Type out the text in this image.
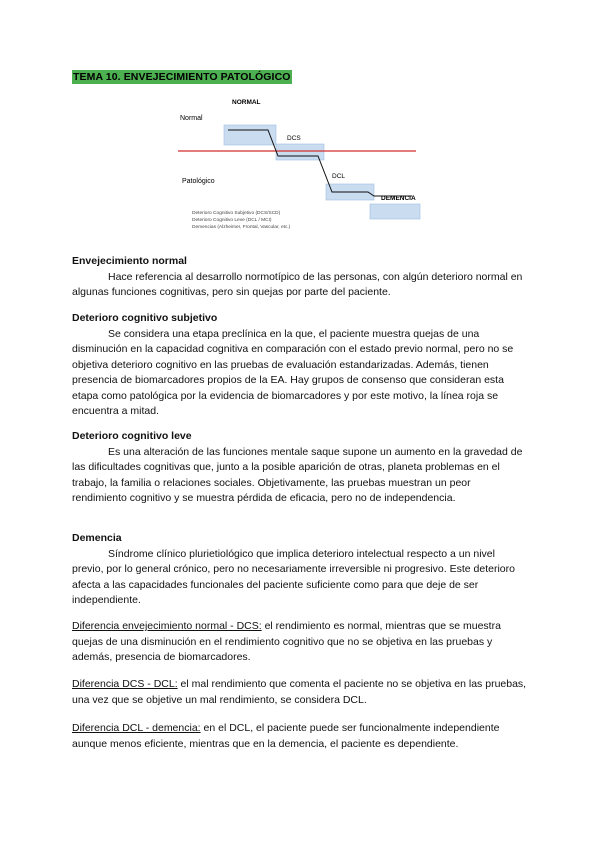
TEMA 10. ENVEJECIMIENTO PATOLÓGICO
NORMAL
Normal
DCS
Patológico
DCL
DEMENCIA
Deterioro Cognitivo Subjetivo (DCS/SCD)
Deterioro Cognitivo Leve (DCL / MCI)
Demencias (Alzheimer, Frontal, Vascular, etc.)
Envejecimiento normal

Hace referencia al desarrollo normotípico de las personas, con algún deterioro normal en algunas funciones cognitivas, pero sin quejas por parte del paciente.

Deterioro cognitivo subjetivo

Se considera una etapa preclínica en la que, el paciente muestra quejas de una disminución en la capacidad cognitiva en comparación con el estado previo normal, pero no se objetiva deterioro cognitivo en las pruebas de evaluación estandarizadas. Además, tienen presencia de biomarcadores propios de la EA. Hay grupos de consenso que consideran esta etapa como patológica por la evidencia de biomarcadores y por este motivo, la línea roja se encuentra a mitad.

Deterioro cognitivo leve

Es una alteración de las funciones mentale saque supone un aumento en la gravedad de las dificultades cognitivas que, junto a la posible aparición de otras, planeta problemas en el trabajo, la familia o relaciones sociales. Objetivamente, las pruebas muestran un peor rendimiento cognitivo y se muestra pérdida de eficacia, pero no de independencia.

Demencia

Síndrome clínico plurietiológico que implica deterioro intelectual respecto a un nivel previo, por lo general crónico, pero no necesariamente irreversible ni progresivo. Este deterioro afecta a las capacidades funcionales del paciente suficiente como para que deje de ser independiente.

Diferencia envejecimiento normal - DCS: el rendimiento es normal, mientras que se muestra quejas de una disminución en el rendimiento cognitivo que no se objetiva en las pruebas y además, presencia de biomarcadores.
Diferencia DCS - DCL: el mal rendimiento que comenta el paciente no se objetiva en las pruebas, una vez que se objetive un mal rendimiento, se considera DCL.
Diferencia DCL - demencia: en el DCL, el paciente puede ser funcionalmente independiente aunque menos eficiente, mientras que en la demencia, el paciente es dependiente.
